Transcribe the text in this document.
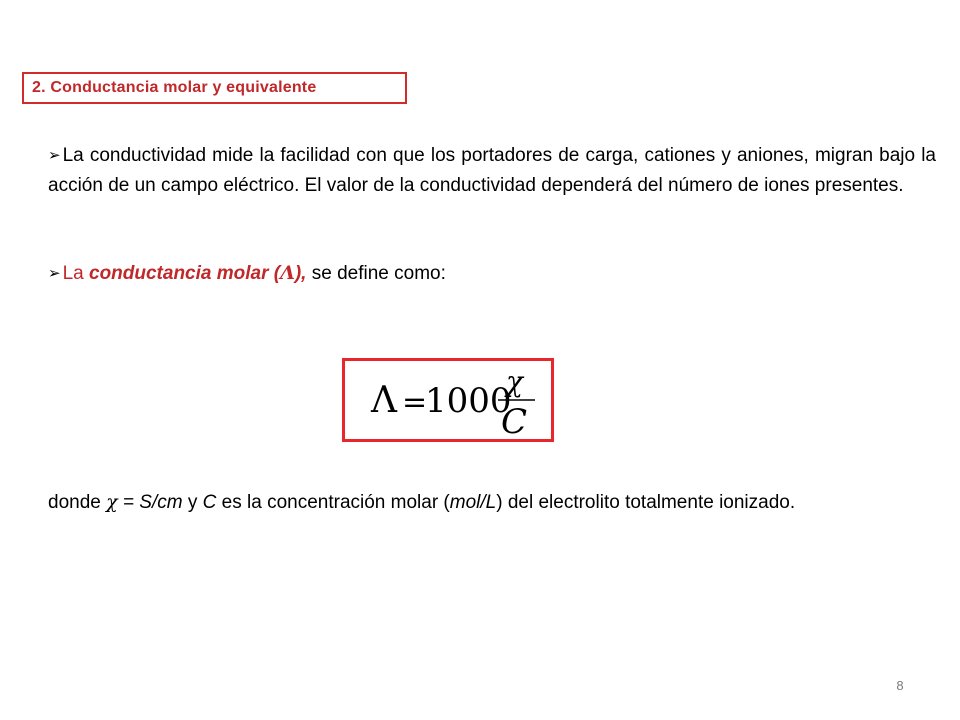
2. Conductancia molar y equivalente
➢ La conductividad mide la facilidad con que los portadores de carga, cationes y aniones, migran bajo la acción de un campo eléctrico. El valor de la conductividad dependerá del número de iones presentes.
➢ La conductancia molar (Λ), se define como:
Λ =
1000
χ
C
donde χ = S/cm y C es la concentración molar (mol/L) del electrolito totalmente ionizado.
8
